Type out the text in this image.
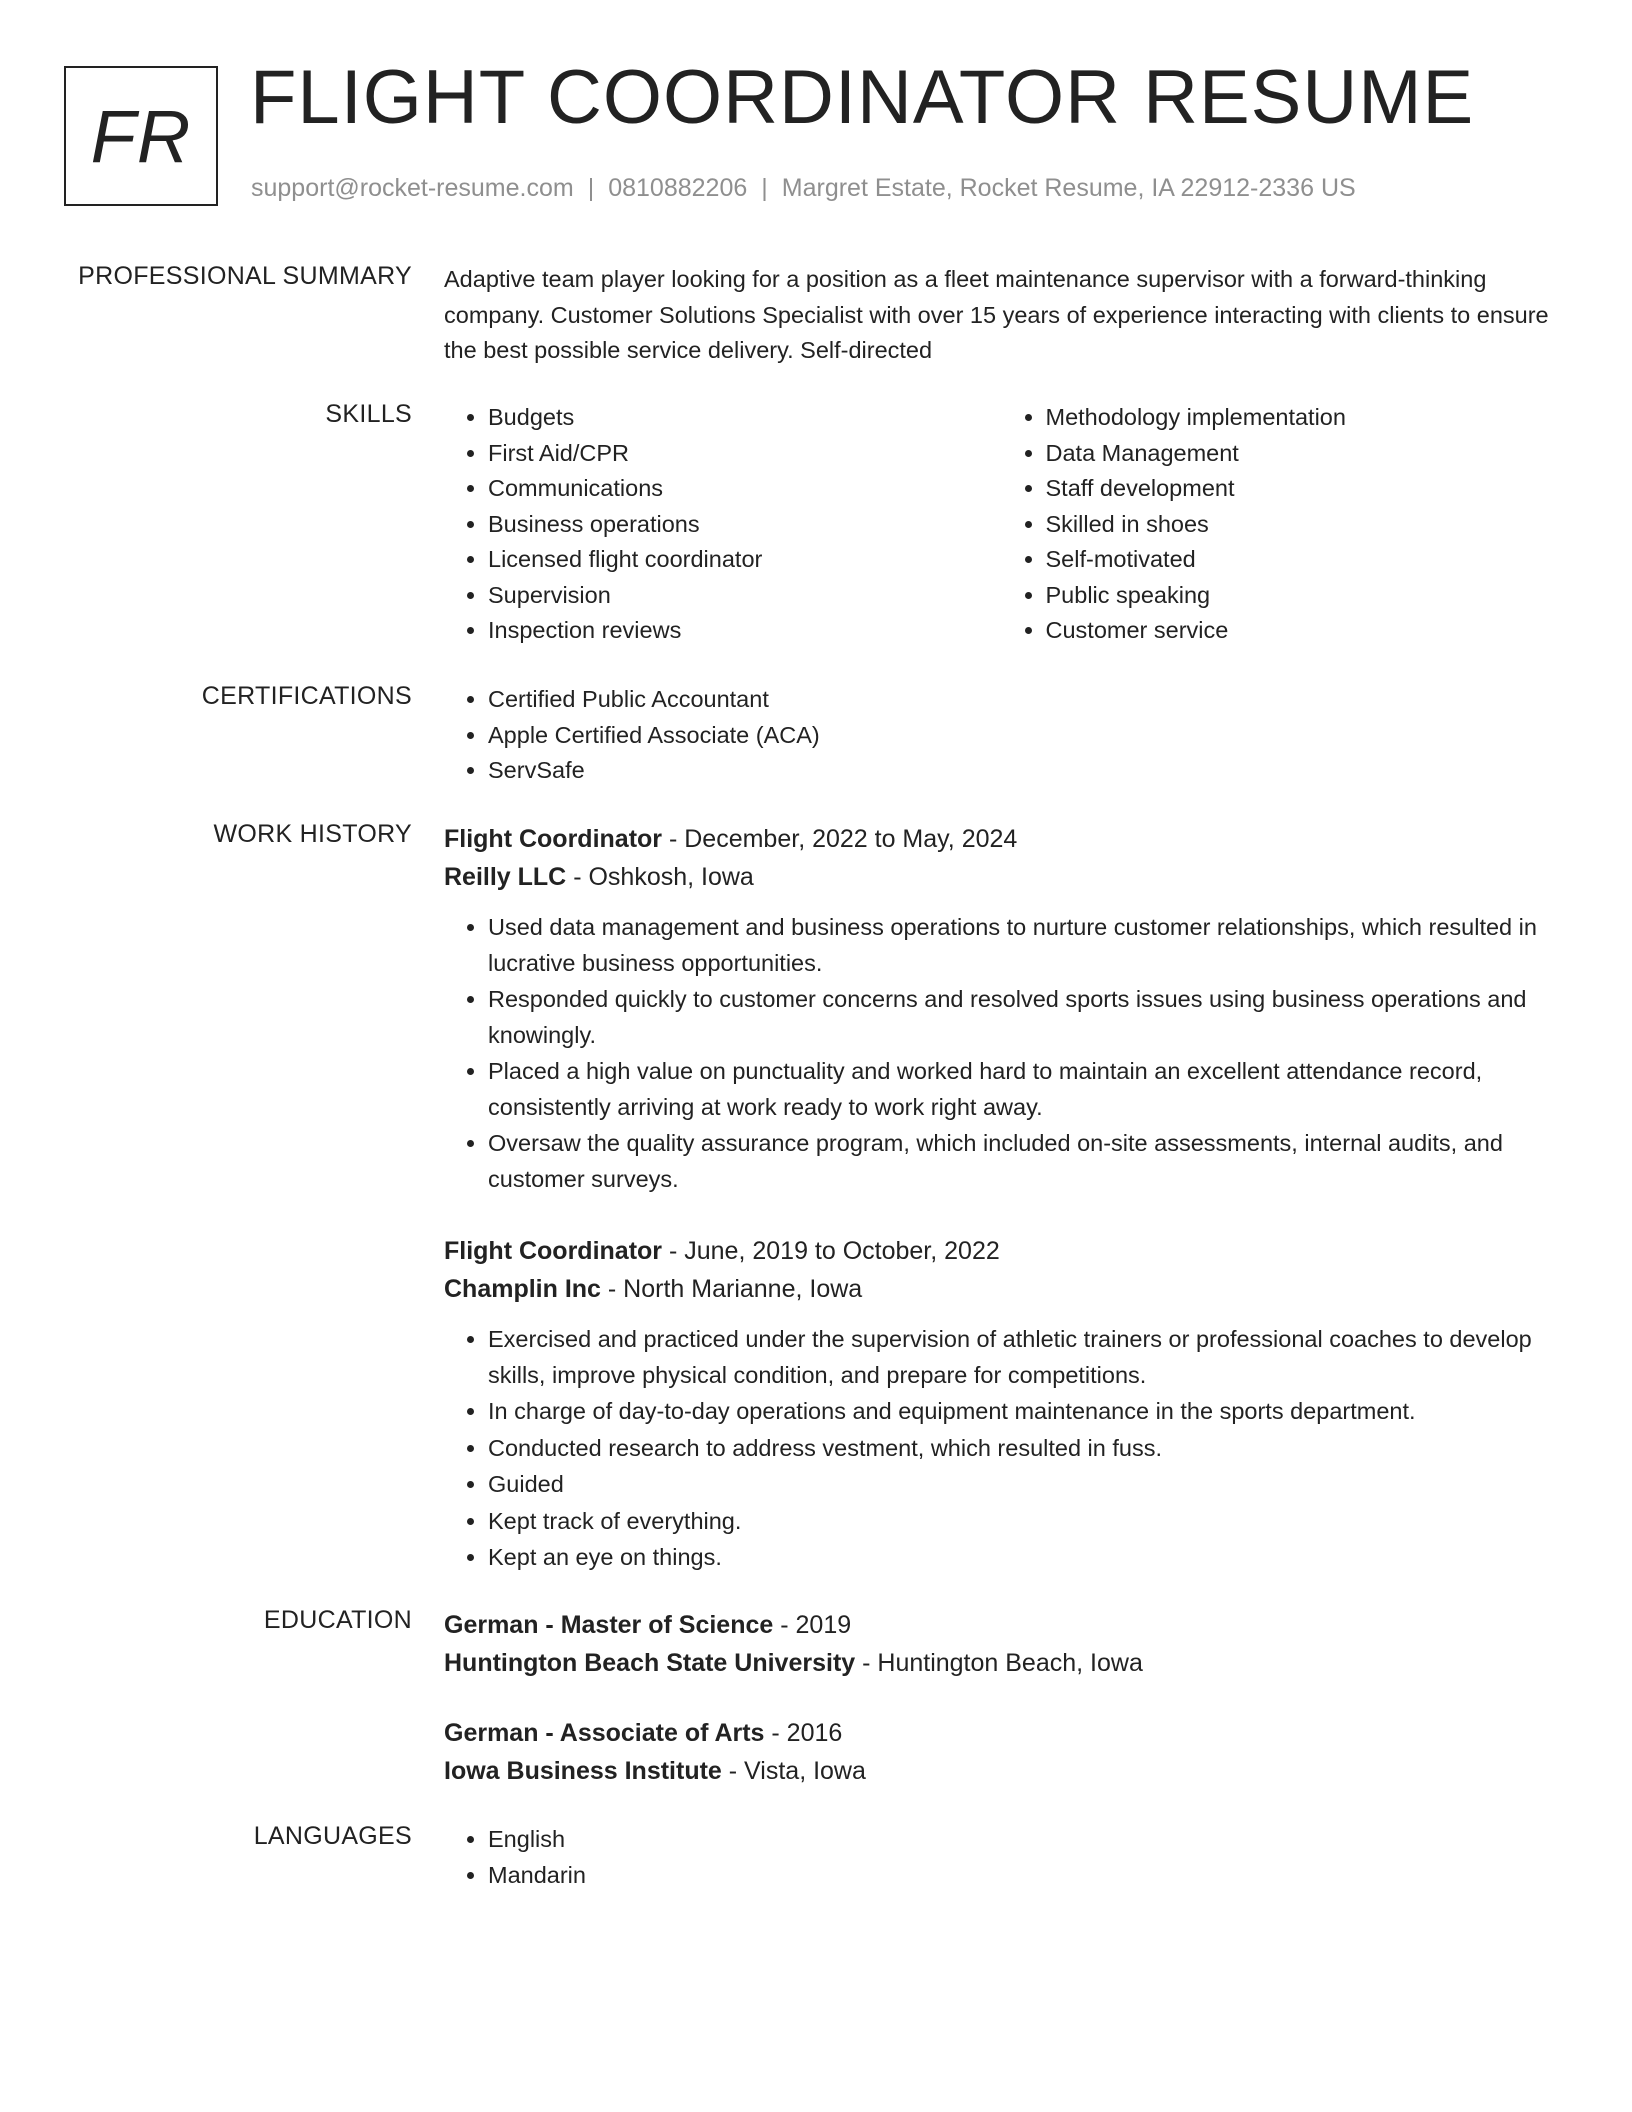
FR FLIGHT COORDINATOR RESUME
support@rocket-resume.com | 0810882206 | Margret Estate, Rocket Resume, IA 22912-2336 US
PROFESSIONAL SUMMARY Adaptive team player looking for a position as a fleet maintenance supervisor with a forward-thinking company. Customer Solutions Specialist with over 15 years of experience interacting with clients to ensure the best possible service delivery. Self-directed

SKILLS	• Budgets
• First Aid/CPR
• Communications
• Business operations
• Licensed flight coordinator
• Supervision
• Inspection reviews
• Methodology implementation
• Data Management
• Staff development
• Skilled in shoes
• Self-motivated
• Public speaking
• Customer service
CERTIFICATIONS	• Certified Public Accountant
• Apple Certified Associate (ACA)
• ServSafe
WORK HISTORY Flight Coordinator - December, 2022 to May, 2024
Reilly LLC - Oshkosh, Iowa
• Used data management and business operations to nurture customer relationships, which resulted in lucrative business opportunities.
• Responded quickly to customer concerns and resolved sports issues using business operations and knowingly.
• Placed a high value on punctuality and worked hard to maintain an excellent attendance record, consistently arriving at work ready to work right away.
• Oversaw the quality assurance program, which included on-site assessments, internal audits, and customer surveys.
Flight Coordinator - June, 2019 to October, 2022
Champlin Inc - North Marianne, Iowa
• Exercised and practiced under the supervision of athletic trainers or professional coaches to develop skills, improve physical condition, and prepare for competitions.
• In charge of day-to-day operations and equipment maintenance in the sports department.
• Conducted research to address vestment, which resulted in fuss.
• Guided
• Kept track of everything.
• Kept an eye on things.
EDUCATION German - Master of Science - 2019
Huntington Beach State University - Huntington Beach, Iowa
German - Associate of Arts - 2016
Iowa Business Institute - Vista, Iowa
LANGUAGES	• English
• Mandarin
